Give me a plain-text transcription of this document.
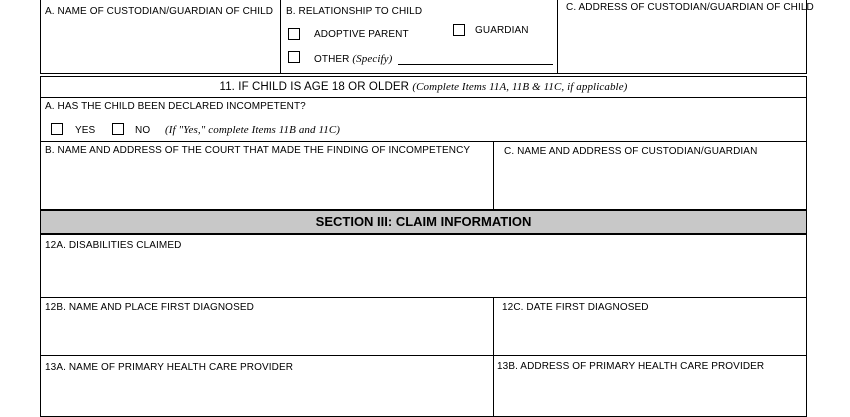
A. NAME OF CUSTODIAN/GUARDIAN OF CHILD B. RELATIONSHIP TO CHILD
ADOPTIVE PARENT	GUARDIAN
OTHER (Specify)
C. ADDRESS OF CUSTODIAN/GUARDIAN OF CHILD
11. IF CHILD IS AGE 18 OR OLDER (Complete Items 11A, 11B & 11C, if applicable)
A. HAS THE CHILD BEEN DECLARED INCOMPETENT?
YES	NO (If "Yes," complete Items 11B and 11C)
B. NAME AND ADDRESS OF THE COURT THAT MADE THE FINDING OF INCOMPETENCY	C. NAME AND ADDRESS OF CUSTODIAN/GUARDIAN
SECTION III: CLAIM INFORMATION
12A. DISABILITIES CLAIMED
12B. NAME AND PLACE FIRST DIAGNOSED	12C. DATE FIRST DIAGNOSED
13A. NAME OF PRIMARY HEALTH CARE PROVIDER	13B. ADDRESS OF PRIMARY HEALTH CARE PROVIDER
